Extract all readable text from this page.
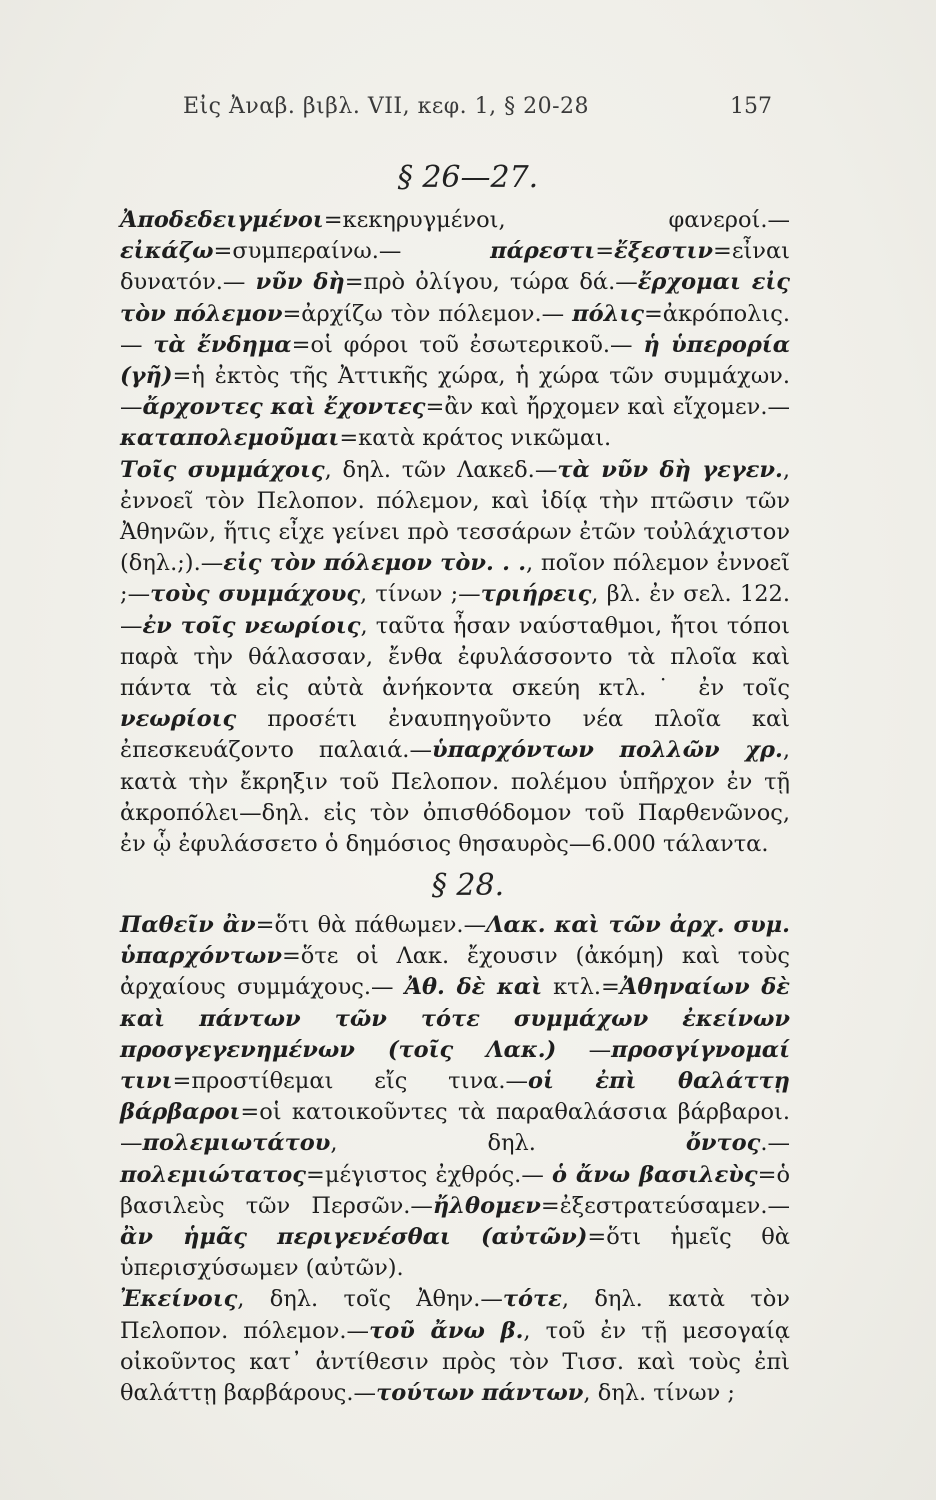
Εἰς Ἀναβ. βιβλ. VII, κεφ. 1, § 20-28	157
§ 26—27.

Ἀποδεδειγμένοι=κεκηρυγμένοι, φανεροί.— εἰκάζω=συμπεραίνω.— πάρεστι=ἔξεστιν=εἶναι δυνατόν.— νῦν δὴ=πρὸ ὀλίγου, τώρα δά.—ἔρχομαι εἰς τὸν πόλεμον=ἀρχίζω τὸν πόλεμον.— πόλις=ἀκρόπολις.— τὰ ἔνδημα=οἱ φόροι τοῦ ἐσωτερικοῦ.— ἡ ὑπερορία (γῆ)=ἡ ἐκτὸς τῆς Ἀττικῆς χώρα, ἡ χώρα τῶν συμμάχων.—ἄρχοντες καὶ ἔχοντες=ἂν καὶ ἤρχομεν καὶ εἴχομεν.—καταπολεμοῦμαι=κατὰ κράτος νικῶμαι.

Τοῖς συμμάχοις, δηλ. τῶν Λακεδ.—τὰ νῦν δὴ γεγεν., ἐννοεῖ τὸν Πελοπον. πόλεμον, καὶ ἰδίᾳ τὴν πτῶσιν τῶν Ἀθηνῶν, ἥτις εἶχε γείνει πρὸ τεσσάρων ἐτῶν τοὐλάχιστον (δηλ.;).—εἰς τὸν πόλεμον τὸν. . ., ποῖον πόλεμον ἐννοεῖ ;—τοὺς συμμάχους, τίνων ;—τριήρεις, βλ. ἐν σελ. 122.—ἐν τοῖς νεωρίοις, ταῦτα ἦσαν ναύσταθμοι, ἤτοι τόποι παρὰ τὴν θάλασσαν, ἔνθα ἐφυλάσσοντο τὰ πλοῖα καὶ πάντα τὰ εἰς αὐτὰ ἀνήκοντα σκεύη κτλ.˙ ἐν τοῖς νεωρίοις προσέτι ἐναυπηγοῦντο νέα πλοῖα καὶ ἐπεσκευάζοντο παλαιά.—ὑπαρχόντων πολλῶν χρ., κατὰ τὴν ἔκρηξιν τοῦ Πελοπον. πολέμου ὑπῆρχον ἐν τῇ ἀκροπόλει—δηλ. εἰς τὸν ὀπισθόδομον τοῦ Παρθενῶνος, ἐν ᾧ ἐφυλάσσετο ὁ δημόσιος θησαυρὸς—6.000 τάλαντα.

§ 28.

Παθεῖν ἂν=ὅτι θὰ πάθωμεν.—Λακ. καὶ τῶν ἀρχ. συμ. ὑπαρχόντων=ὅτε οἱ Λακ. ἔχουσιν (ἀκόμη) καὶ τοὺς ἀρχαίους συμμάχους.— Ἀθ. δὲ καὶ κτλ.=Ἀθηναίων δὲ καὶ πάντων τῶν τότε συμμάχων ἐκείνων προσγεγενημένων (τοῖς Λακ.) —προσγίγνομαί τινι=προστίθεμαι εἴς τινα.—οἱ ἐπὶ θαλάττῃ βάρβαροι=οἱ κατοικοῦντες τὰ παραθαλάσσια βάρβαροι.—πολεμιωτάτου, δηλ. ὄντος.—πολεμιώτατος=μέγιστος ἐχθρός.— ὁ ἄνω βασιλεὺς=ὁ βασιλεὺς τῶν Περσῶν.—ἤλθομεν=ἐξεστρατεύσαμεν.—ἂν ἡμᾶς περιγενέσθαι (αὐτῶν)=ὅτι ἡμεῖς θὰ ὑπερισχύσωμεν (αὐτῶν).

Ἐκείνοις, δηλ. τοῖς Ἀθην.—τότε, δηλ. κατὰ τὸν Πελοπον. πόλεμον.—τοῦ ἄνω β., τοῦ ἐν τῇ μεσογαίᾳ οἰκοῦντος κατ᾽ ἀντίθεσιν πρὸς τὸν Τισσ. καὶ τοὺς ἐπὶ θαλάττῃ βαρβάρους.—τούτων πάντων, δηλ. τίνων ;
